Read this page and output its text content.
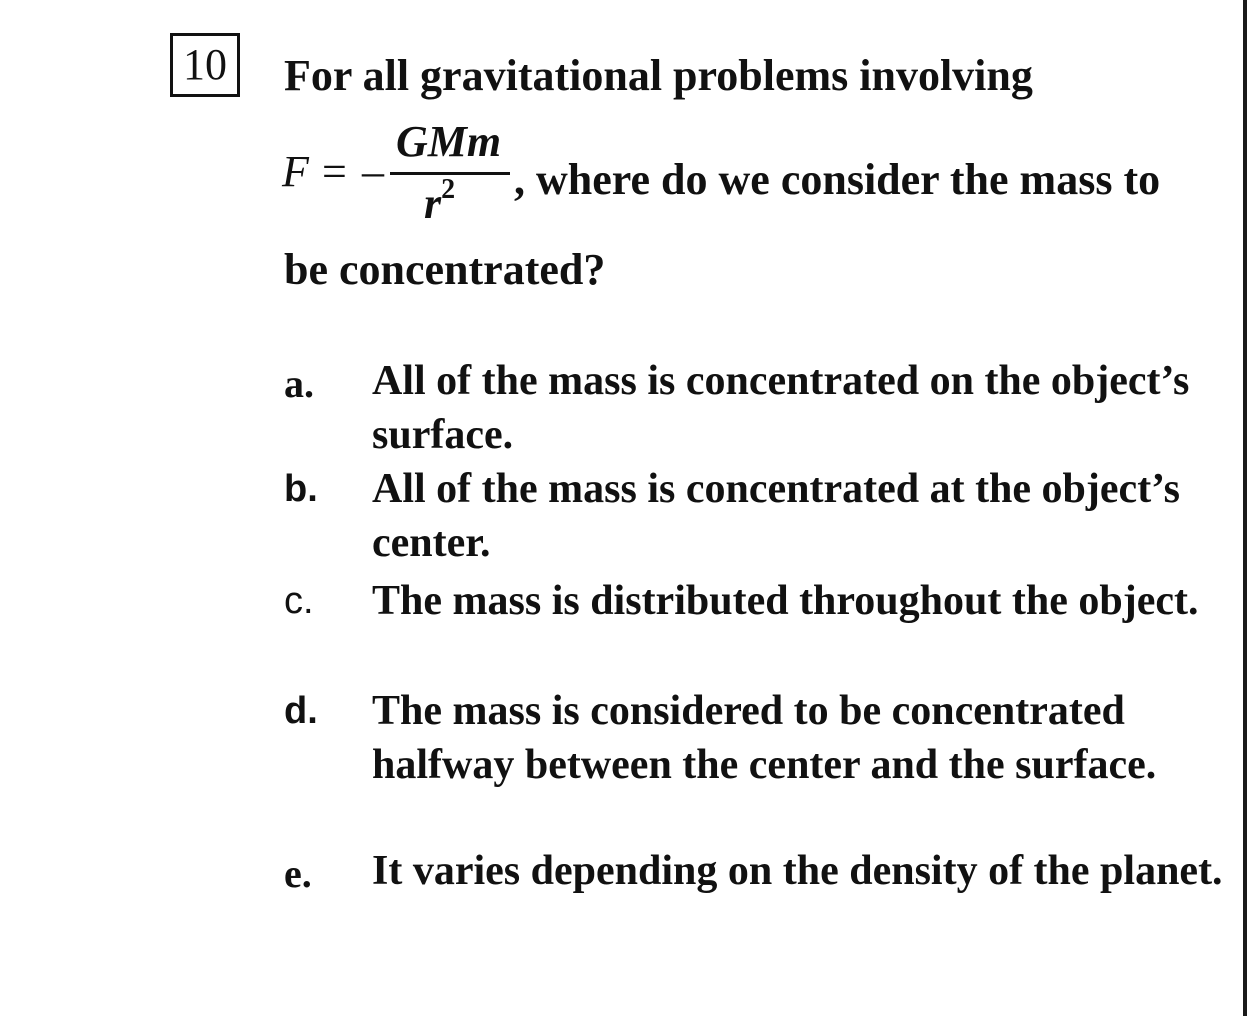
10 For all gravitational problems involving
F = –
GMm
$r^2$ , where do we consider the mass to
be concentrated?
a. All of the mass is concentrated on the object’s surface.
b. All of the mass is concentrated at the object’s center.
c. The mass is distributed throughout the object.
d. The mass is considered to be concentrated halfway between the center and the surface.
e. It varies depending on the density of the planet.
